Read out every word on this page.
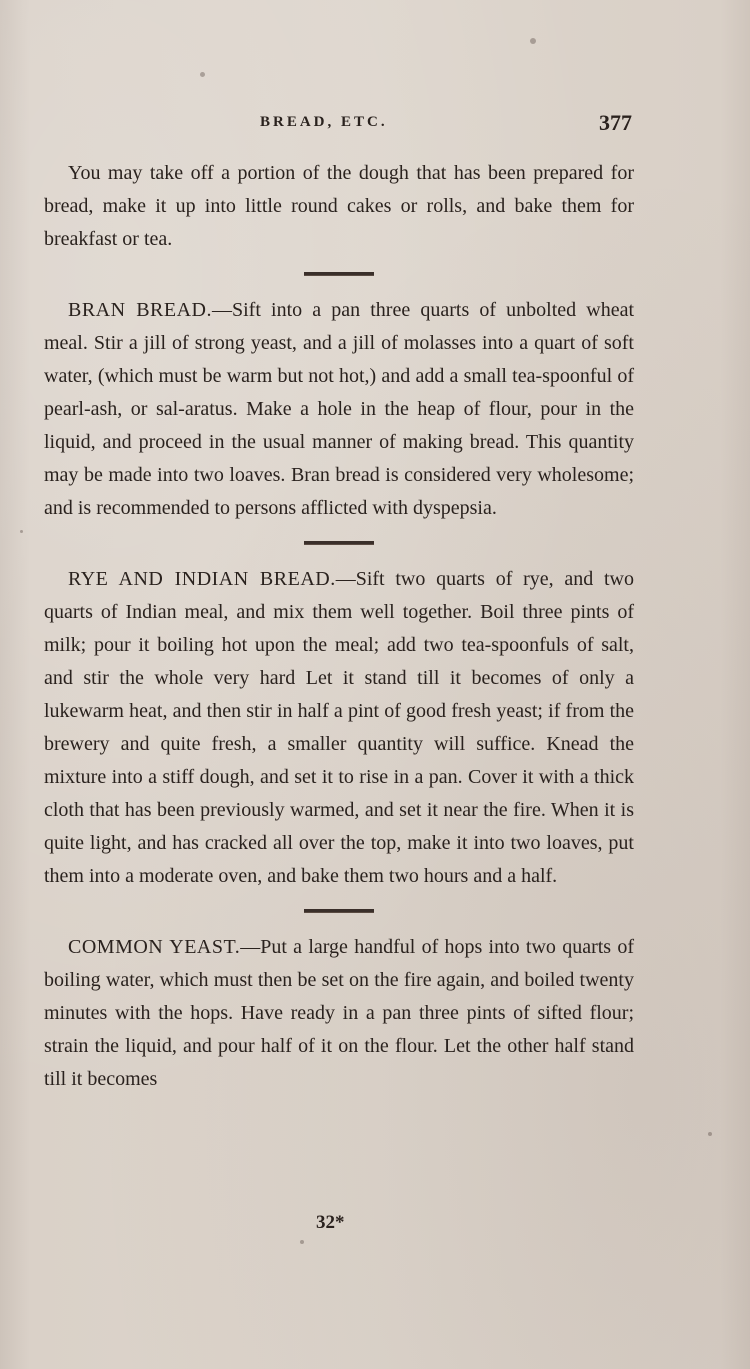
BREAD, ETC.	377

You may take off a portion of the dough that has been prepared for bread, make it up into little round cakes or rolls, and bake them for breakfast or tea.

BRAN BREAD.—Sift into a pan three quarts of unbolted wheat meal. Stir a jill of strong yeast, and a jill of molasses into a quart of soft water, (which must be warm but not hot,) and add a small tea-spoonful of pearl-ash, or sal-aratus. Make a hole in the heap of flour, pour in the liquid, and proceed in the usual manner of making bread. This quantity may be made into two loaves. Bran bread is considered very wholesome; and is recommended to persons afflicted with dyspepsia.

RYE AND INDIAN BREAD.—Sift two quarts of rye, and two quarts of Indian meal, and mix them well together. Boil three pints of milk; pour it boiling hot upon the meal; add two tea-spoonfuls of salt, and stir the whole very hard Let it stand till it becomes of only a lukewarm heat, and then stir in half a pint of good fresh yeast; if from the brewery and quite fresh, a smaller quantity will suffice. Knead the mixture into a stiff dough, and set it to rise in a pan. Cover it with a thick cloth that has been previously warmed, and set it near the fire. When it is quite light, and has cracked all over the top, make it into two loaves, put them into a moderate oven, and bake them two hours and a half.

COMMON YEAST.—Put a large handful of hops into two quarts of boiling water, which must then be set on the fire again, and boiled twenty minutes with the hops. Have ready in a pan three pints of sifted flour; strain the liquid, and pour half of it on the flour. Let the other half stand till it becomes

32*
